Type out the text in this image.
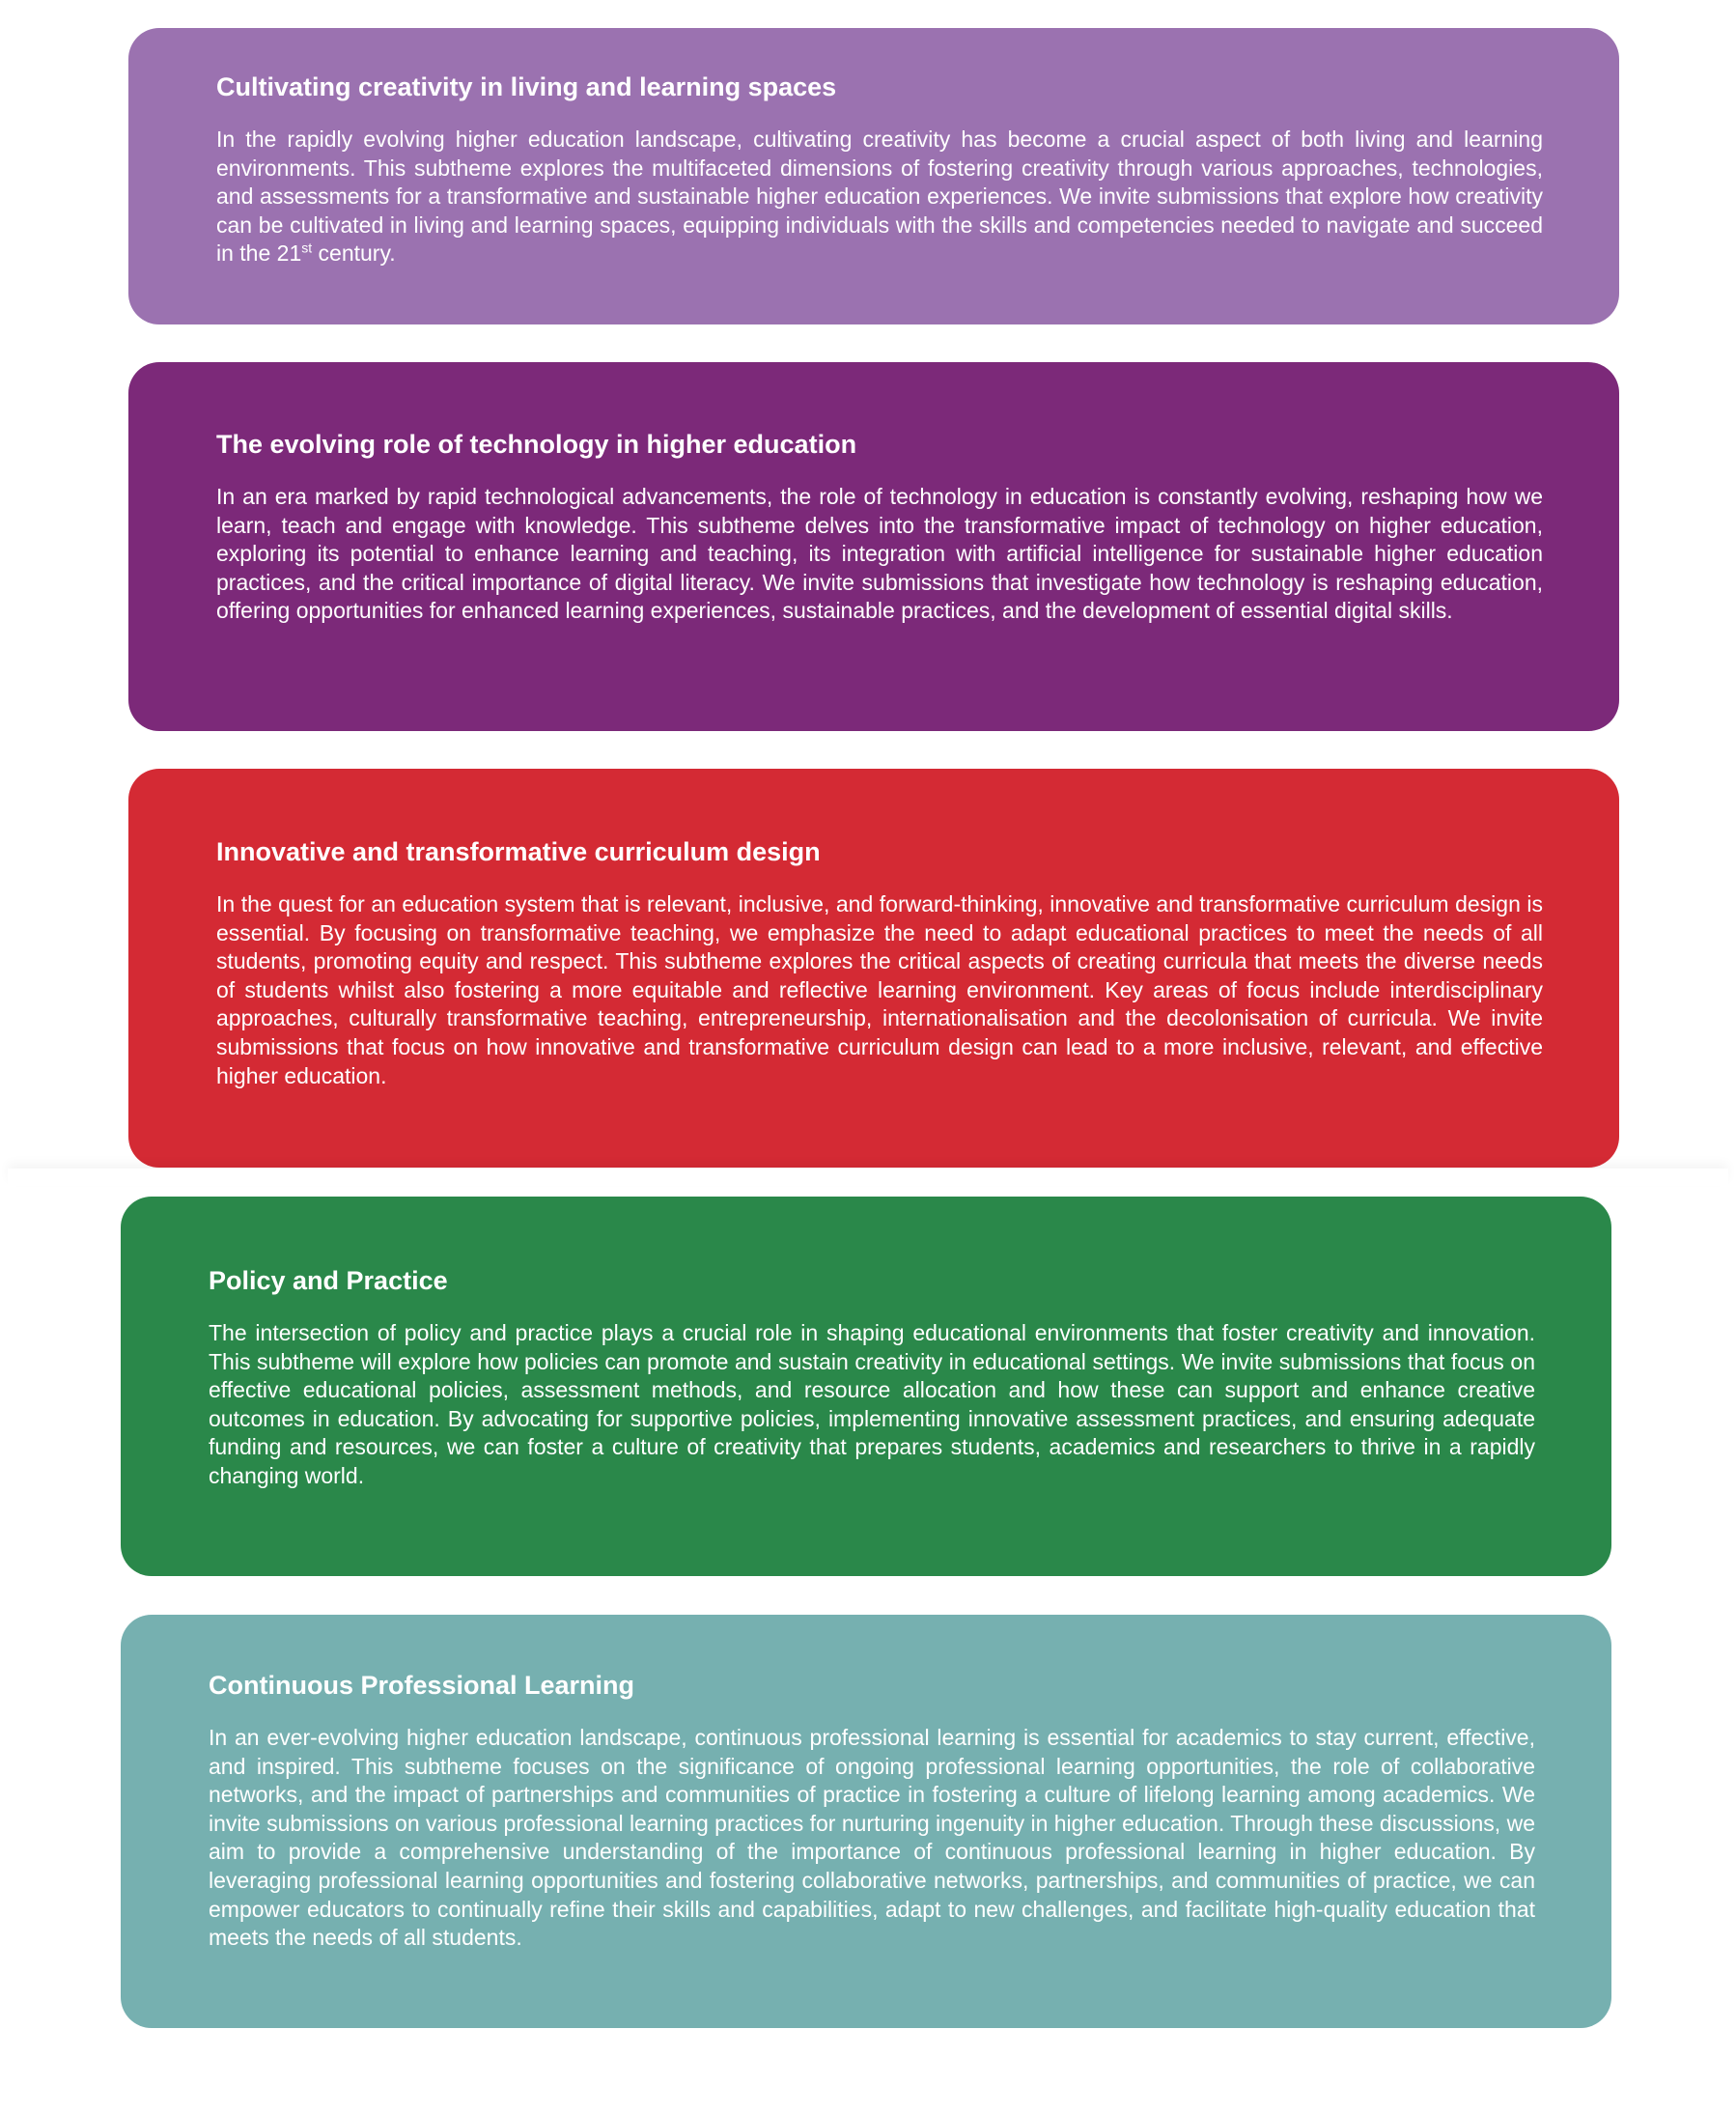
Cultivating creativity in living and learning spaces

In the rapidly evolving higher education landscape, cultivating creativity has become a crucial aspect of both living and learning environments. This subtheme explores the multifaceted dimensions of fostering creativity through various approaches, technologies, and assessments for a transformative and sustainable higher education experiences. We invite submissions that explore how creativity can be cultivated in living and learning spaces, equipping individuals with the skills and competencies needed to navigate and succeed in the 21st century.

The evolving role of technology in higher education

In an era marked by rapid technological advancements, the role of technology in education is constantly evolving, reshaping how we learn, teach and engage with knowledge. This subtheme delves into the transformative impact of technology on higher education, exploring its potential to enhance learning and teaching, its integration with artificial intelligence for sustainable higher education practices, and the critical importance of digital literacy. We invite submissions that investigate how technology is reshaping education, offering opportunities for enhanced learning experiences, sustainable practices, and the development of essential digital skills.

Innovative and transformative curriculum design

In the quest for an education system that is relevant, inclusive, and forward-thinking, innovative and transformative curriculum design is essential. By focusing on transformative teaching, we emphasize the need to adapt educational practices to meet the needs of all students, promoting equity and respect. This subtheme explores the critical aspects of creating curricula that meets the diverse needs of students whilst also fostering a more equitable and reflective learning environment. Key areas of focus include interdisciplinary approaches, culturally transformative teaching, entrepreneurship, internationalisation and the decolonisation of curricula. We invite submissions that focus on how innovative and transformative curriculum design can lead to a more inclusive, relevant, and effective higher education.

Policy and Practice

The intersection of policy and practice plays a crucial role in shaping educational environments that foster creativity and innovation. This subtheme will explore how policies can promote and sustain creativity in educational settings. We invite submissions that focus on effective educational policies, assessment methods, and resource allocation and how these can support and enhance creative outcomes in education. By advocating for supportive policies, implementing innovative assessment practices, and ensuring adequate funding and resources, we can foster a culture of creativity that prepares students, academics and researchers to thrive in a rapidly changing world.

Continuous Professional Learning

In an ever-evolving higher education landscape, continuous professional learning is essential for academics to stay current, effective, and inspired. This subtheme focuses on the significance of ongoing professional learning opportunities, the role of collaborative networks, and the impact of partnerships and communities of practice in fostering a culture of lifelong learning among academics. We invite submissions on various professional learning practices for nurturing ingenuity in higher education. Through these discussions, we aim to provide a comprehensive understanding of the importance of continuous professional learning in higher education. By leveraging professional learning opportunities and fostering collaborative networks, partnerships, and communities of practice, we can empower educators to continually refine their skills and capabilities, adapt to new challenges, and facilitate high-quality education that meets the needs of all students.
